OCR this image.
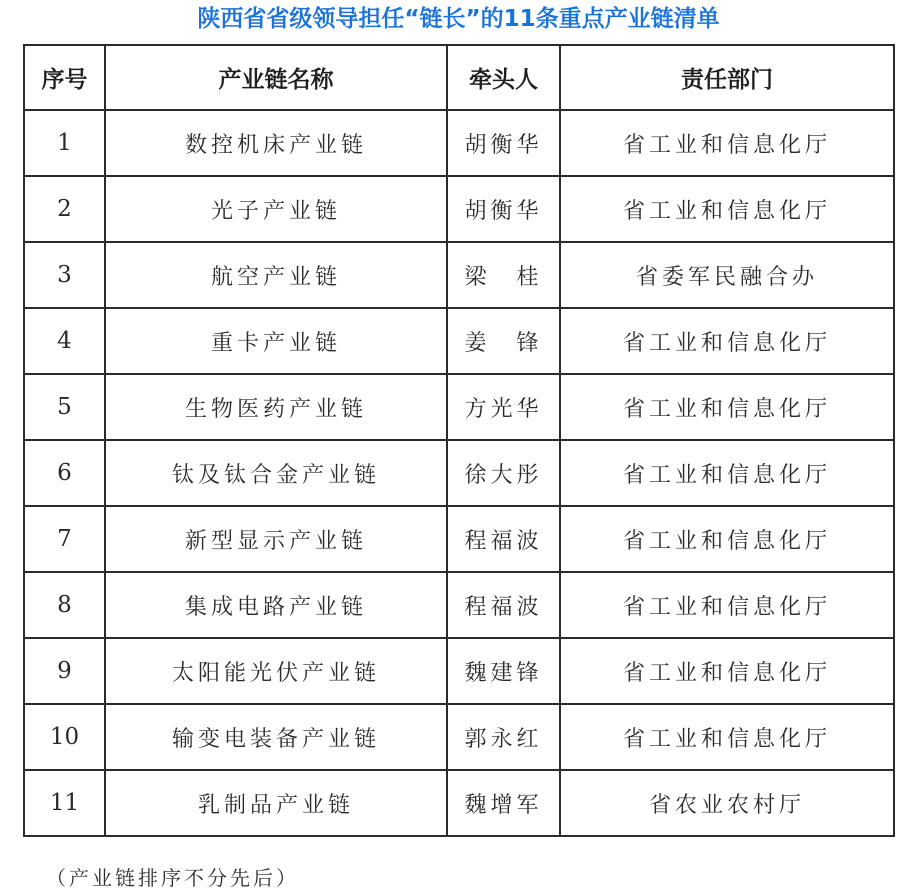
陕西省省级领导担任“链长”的11条重点产业链清单
序号	产业链名称	牵头人	责任部门
1	数控机床产业链	胡衡华	省工业和信息化厅
2	光子产业链	胡衡华	省工业和信息化厅
3	航空产业链	梁　桂	省委军民融合办
4	重卡产业链	姜　锋	省工业和信息化厅
5	生物医药产业链	方光华	省工业和信息化厅
6	钛及钛合金产业链	徐大彤	省工业和信息化厅
7	新型显示产业链	程福波	省工业和信息化厅
8	集成电路产业链	程福波	省工业和信息化厅
9	太阳能光伏产业链	魏建锋	省工业和信息化厅
10	输变电装备产业链	郭永红	省工业和信息化厅
11	乳制品产业链	魏增军	省农业农村厅
（产业链排序不分先后）
